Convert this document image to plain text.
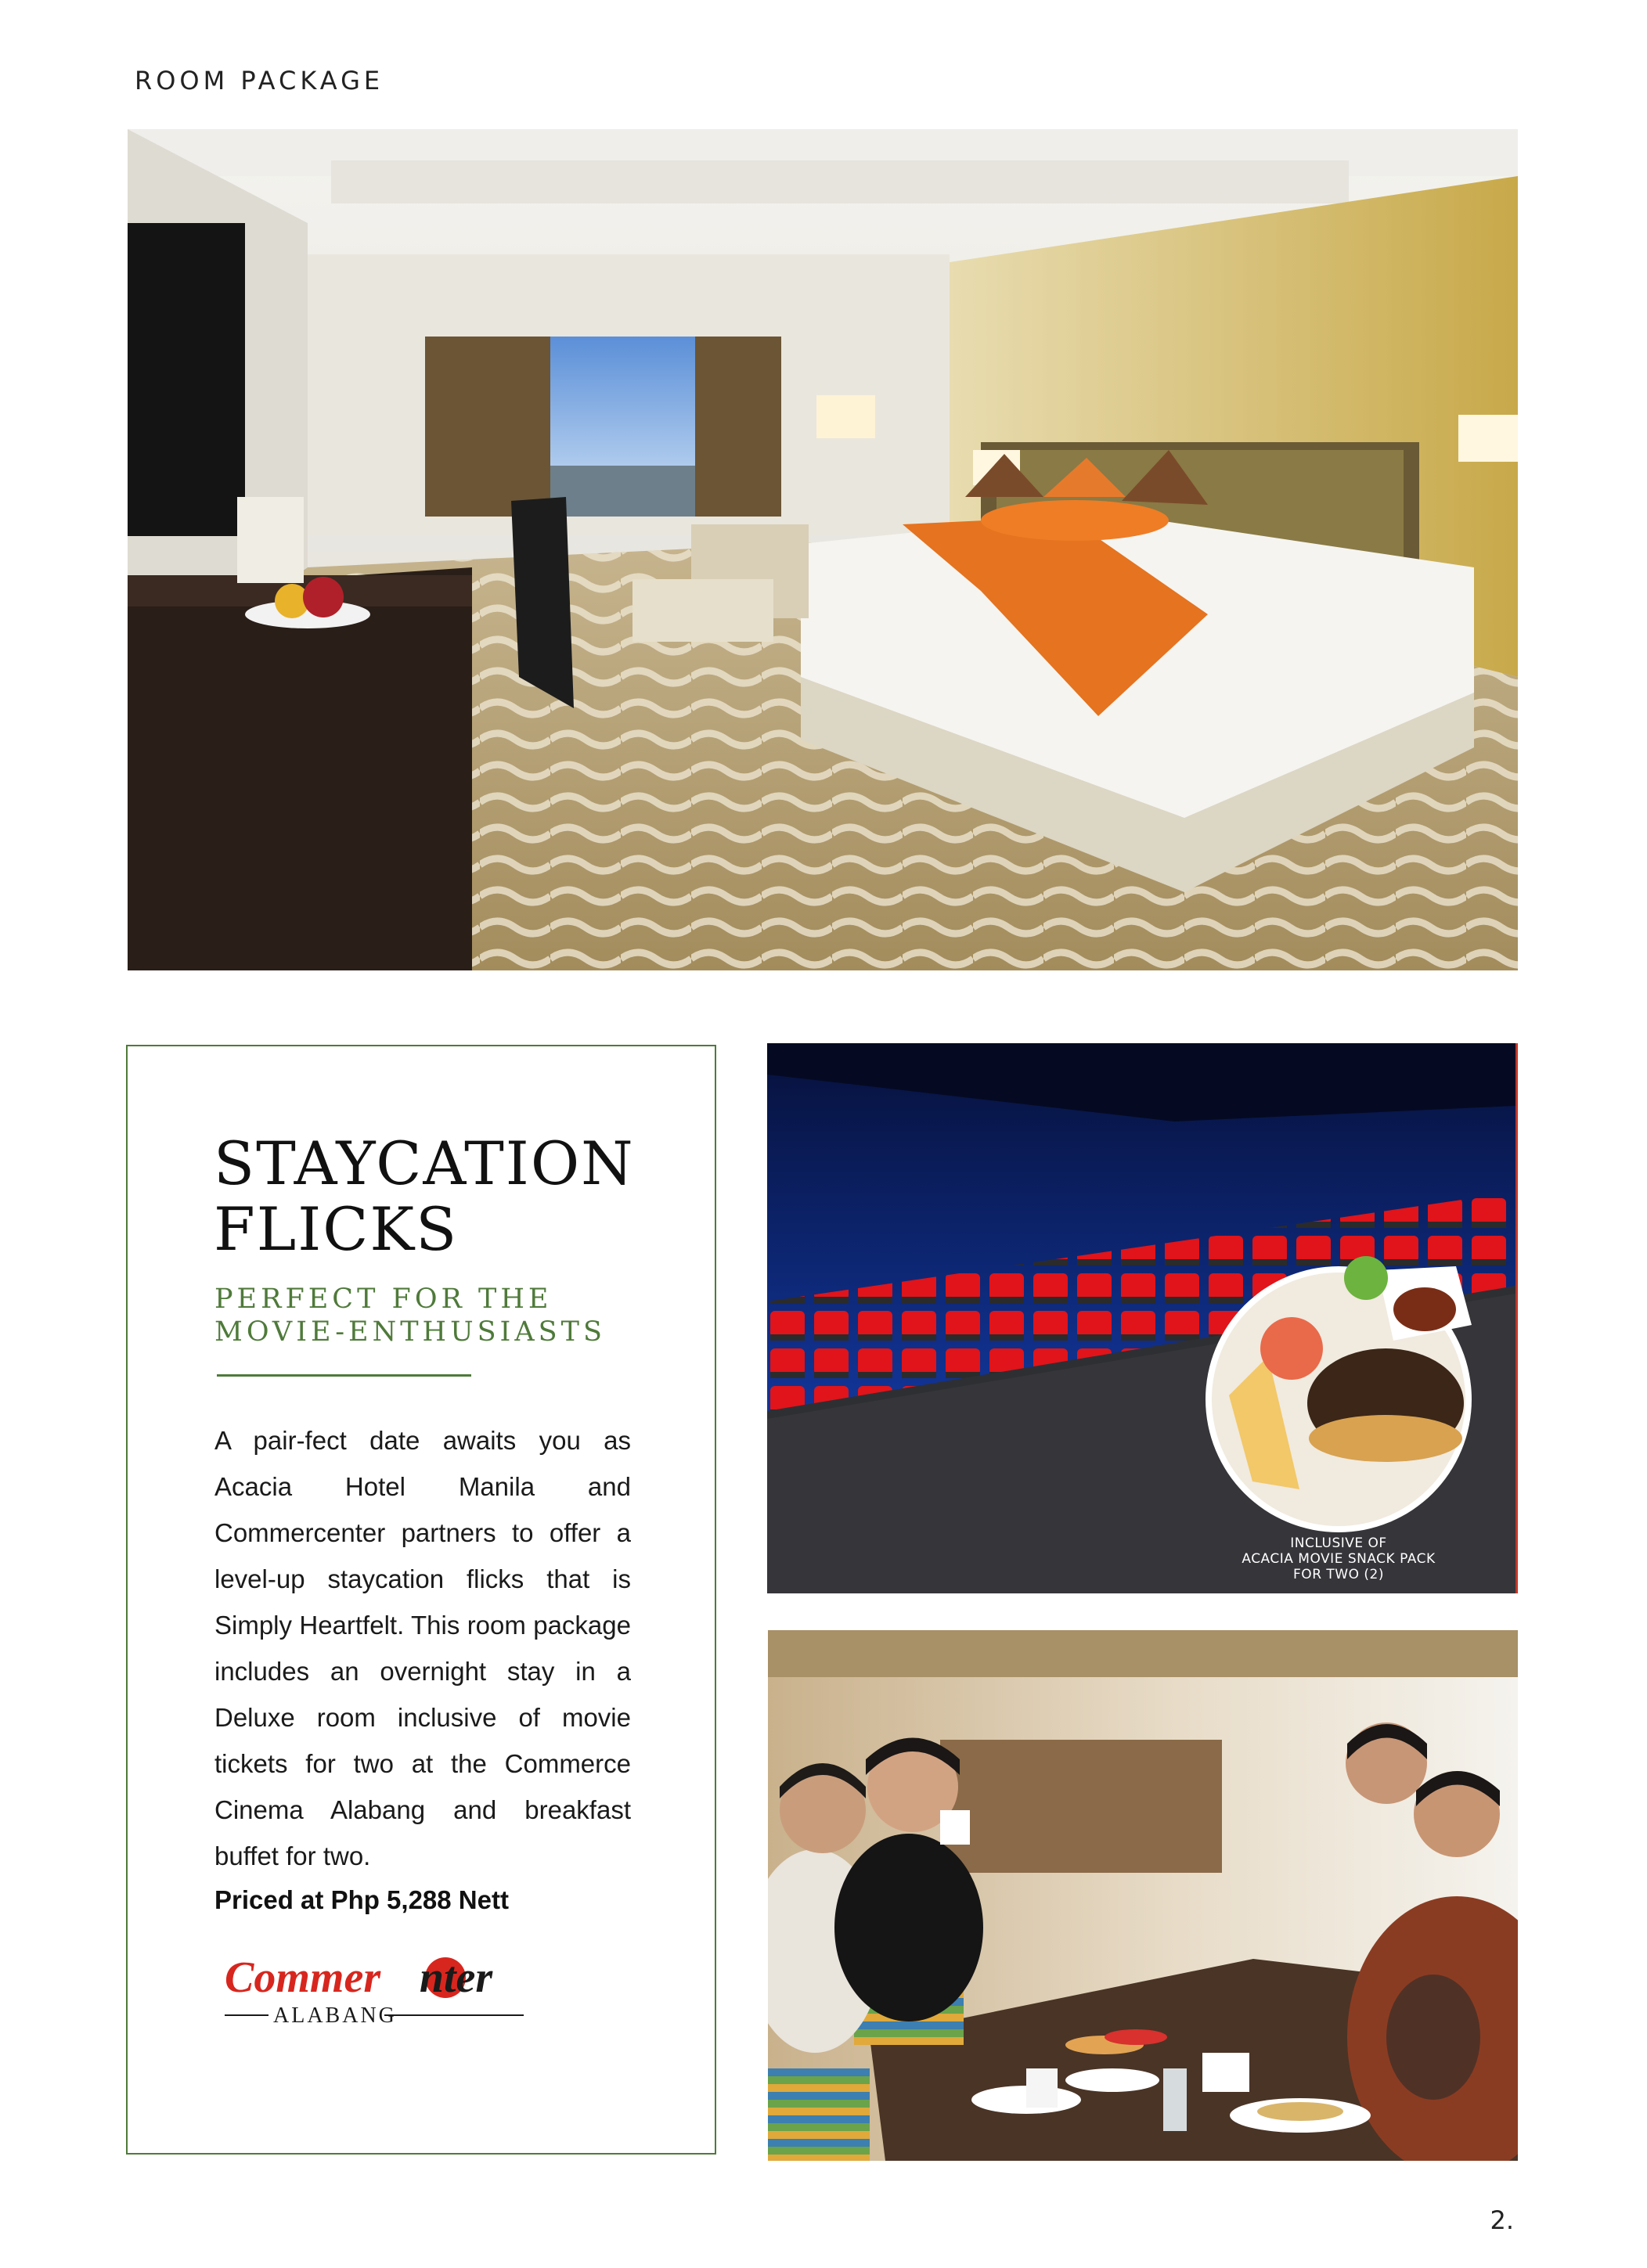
ROOM PACKAGE
STAYCATION
FLICKS
PERFECT FOR THE
MOVIE-ENTHUSIASTS

A pair-fect date awaits you as Acacia Hotel Manila and Commercenter partners to offer a level-up staycation flicks that is Simply Heartfelt. This room package includes an overnight stay in a Deluxe room inclusive of movie tickets for two at the Commerce Cinema Alabang and breakfast buffet for two.

Priced at Php 5,288 Nett
Commercenter
ALABANG
INCLUSIVE OF
ACACIA MOVIE SNACK PACK
FOR TWO (2)
2.
